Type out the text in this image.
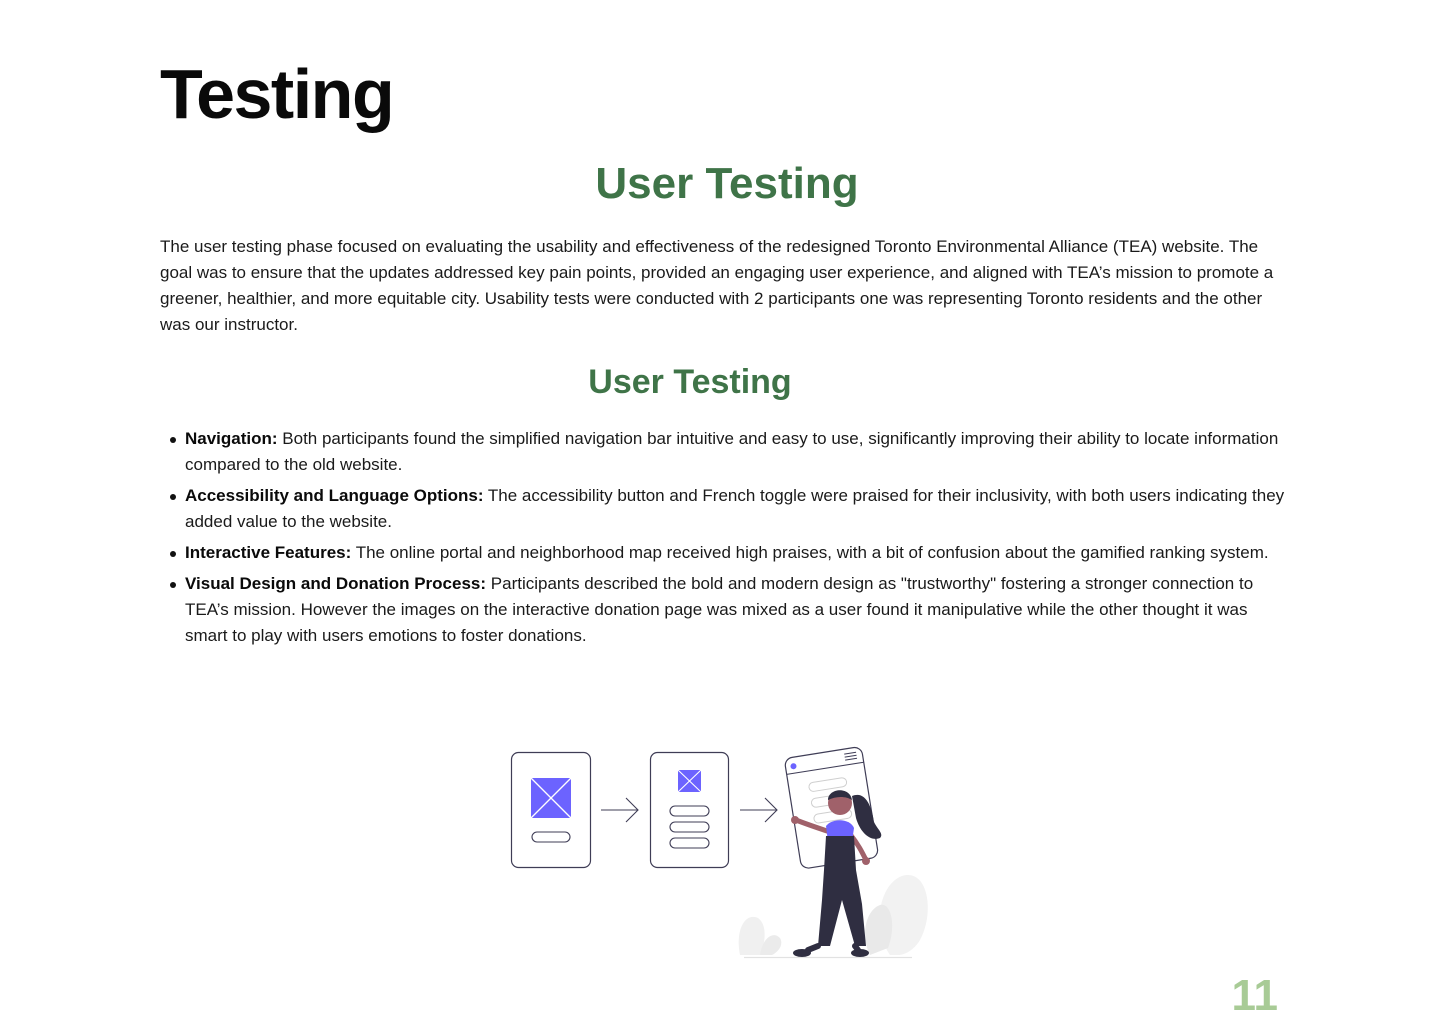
Testing
User Testing

The user testing phase focused on evaluating the usability and effectiveness of the redesigned Toronto Environmental Alliance (TEA) website. The goal was to ensure that the updates addressed key pain points, provided an engaging user experience, and aligned with TEA’s mission to promote a greener, healthier, and more equitable city. Usability tests were conducted with 2 participants one was representing Toronto residents and the other was our instructor.

User Testing
Navigation: Both participants found the simplified navigation bar intuitive and easy to use, significantly improving their ability to locate information compared to the old website.
Accessibility and Language Options: The accessibility button and French toggle were praised for their inclusivity, with both users indicating they added value to the website.
Interactive Features: The online portal and neighborhood map received high praises, with a bit of confusion about the gamified ranking system.
Visual Design and Donation Process: Participants described the bold and modern design as "trustworthy" fostering a stronger connection to TEA’s mission. However the images on the interactive donation page was mixed as a user found it manipulative while the other thought it was smart to play with users emotions to foster donations.

11
